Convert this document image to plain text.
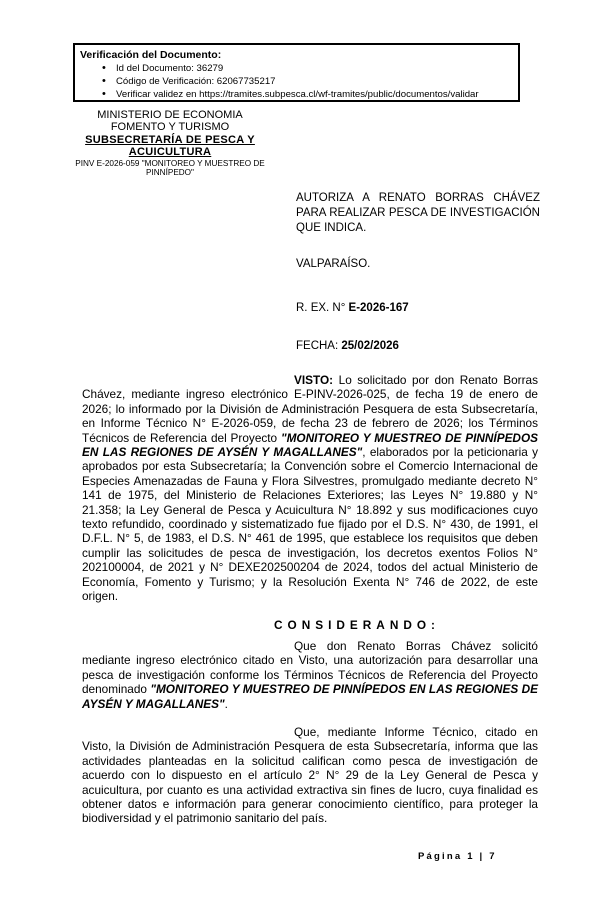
Verificación del Documento:
• Id del Documento: 36279
• Código de Verificación: 62067735217
• Verificar validez en https://tramites.subpesca.cl/wf-tramites/public/documentos/validar
MINISTERIO DE ECONOMIA
FOMENTO Y TURISMO
SUBSECRETARÍA DE PESCA Y
ACUICULTURA
PINV E-2026-059 "MONITOREO Y MUESTREO DE
PINNÍPEDO"
AUTORIZA A RENATO BORRAS CHÁVEZ PARA REALIZAR PESCA DE INVESTIGACIÓN QUE INDICA.
VALPARAÍSO.
R. EX. N° E-2026-167
FECHA: 25/02/2026

VISTO: Lo solicitado por don Renato Borras Chávez, mediante ingreso electrónico E-PINV-2026-025, de fecha 19 de enero de 2026; lo informado por la División de Administración Pesquera de esta Subsecretaría, en Informe Técnico N° E-2026-059, de fecha 23 de febrero de 2026; los Términos Técnicos de Referencia del Proyecto "MONITOREO Y MUESTREO DE PINNÍPEDOS EN LAS REGIONES DE AYSÉN Y MAGALLANES", elaborados por la peticionaria y aprobados por esta Subsecretaría; la Convención sobre el Comercio Internacional de Especies Amenazadas de Fauna y Flora Silvestres, promulgado mediante decreto N° 141 de 1975, del Ministerio de Relaciones Exteriores; las Leyes N° 19.880 y N° 21.358; la Ley General de Pesca y Acuicultura N° 18.892 y sus modificaciones cuyo texto refundido, coordinado y sistematizado fue fijado por el D.S. N° 430, de 1991, el D.F.L. N° 5, de 1983, el D.S. N° 461 de 1995, que establece los requisitos que deben cumplir las solicitudes de pesca de investigación, los decretos exentos Folios N° 202100004, de 2021 y N° DEXE202500204 de 2024, todos del actual Ministerio de Economía, Fomento y Turismo; y la Resolución Exenta N° 746 de 2022, de este origen.

CONSIDERANDO:

Que don Renato Borras Chávez solicitó mediante ingreso electrónico citado en Visto, una autorización para desarrollar una pesca de investigación conforme los Términos Técnicos de Referencia del Proyecto denominado "MONITOREO Y MUESTREO DE PINNÍPEDOS EN LAS REGIONES DE AYSÉN Y MAGALLANES".

Que, mediante Informe Técnico, citado en Visto, la División de Administración Pesquera de esta Subsecretaría, informa que las actividades planteadas en la solicitud califican como pesca de investigación de acuerdo con lo dispuesto en el artículo 2° N° 29 de la Ley General de Pesca y acuicultura, por cuanto es una actividad extractiva sin fines de lucro, cuya finalidad es obtener datos e información para generar conocimiento científico, para proteger la biodiversidad y el patrimonio sanitario del país.

Página 1 | 7
